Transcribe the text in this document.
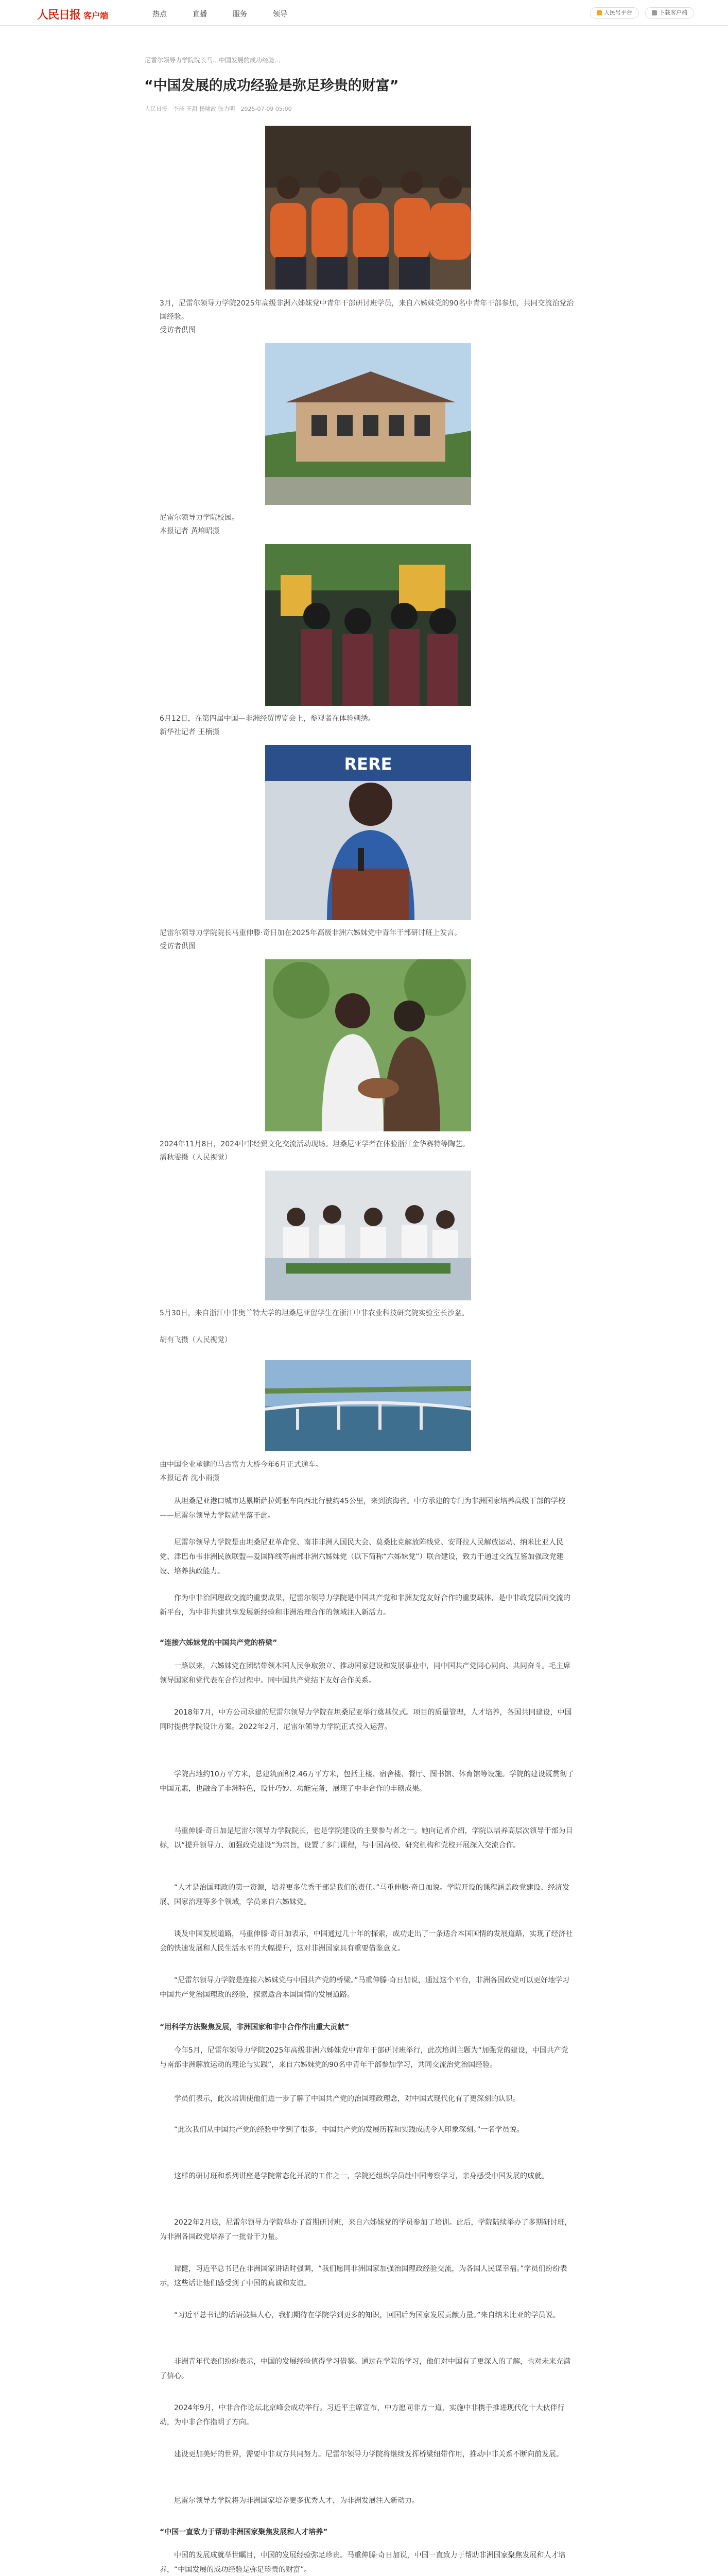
人民日报 客户端	热点	直播	服务	领导	人民号平台	下载客户端
尼雷尔领导力学院院长马…中国发展的成功经验…
“中国发展的成功经验是弥足珍贵的财富”
人民日报　李琦 王甜 杨啸政 张力明　2025-07-09 05:00
3月，尼雷尔领导力学院2025年高级非洲六姊妹党中青年干部研讨班学员，来自六姊妹党的90名中青年干部参加，共同交流治党治国经验。
受访者供图
尼雷尔领导力学院校园。
本报记者 黄培昭摄
6月12日，在第四届中国—非洲经贸博览会上，参观者在体验刺绣。
新华社记者 王楠摄
RERE
尼雷尔领导力学院院长马重伸滕·奇日加在2025年高级非洲六姊妹党中青年干部研讨班上发言。
受访者供图
2024年11月8日，2024中非经贸文化交流活动现场。坦桑尼亚学者在体验浙江金华赛特等陶艺。
潘秋雯摄（人民视觉）
5月30日，来自浙江中非奥兰特大学的坦桑尼亚留学生在浙江中非农业科技研究院实验室长沙盆。
胡有飞摄（人民视觉）
由中国企业承建的马古富力大桥今年6月正式通车。
本报记者 沈小雨摄
从坦桑尼亚港口城市达累斯萨拉姆驱车向西北行驶约45公里，来到滨海省。中方承建的专门为非洲国家培养高级干部的学校——尼雷尔领导力学院就坐落于此。
尼雷尔领导力学院是由坦桑尼亚革命党、南非非洲人国民大会、莫桑比克解放阵线党、安哥拉人民解放运动、纳米比亚人民党、津巴布韦非洲民族联盟—爱国阵线等南部非洲六姊妹党（以下简称“六姊妹党”）联合建设，致力于通过交流互鉴加强政党建设、培养执政能力。
作为中非治国理政交流的重要成果，尼雷尔领导力学院是中国共产党和非洲友党友好合作的重要载体，是中非政党层面交流的新平台，为中非共建共享发展新经验和非洲治理合作的领域注入新活力。
“连接六姊妹党的中国共产党的桥梁”
一路以来，六姊妹党在团结带领本国人民争取独立、推动国家建设和发展事业中，同中国共产党同心同向、共同奋斗。毛主席领导国家和党代表在合作过程中。同中国共产党结下友好合作关系。
2018年7月，中方公司承建的尼雷尔领导力学院在坦桑尼亚举行奠基仪式。项目的质量管理，人才培养，各国共同建设，中国同时提供学院设计方案。2022年2月，尼雷尔领导力学院正式投入运营。
学院占地约10万平方米，总建筑面积2.46万平方米，包括主楼、宿舍楼、餐厅、图书馆、体育馆等设施。学院的建设既贯彻了中国元素，也融合了非洲特色，设计巧妙、功能完备，展现了中非合作的丰硕成果。
马重伸滕·奇日加是尼雷尔领导力学院院长，也是学院建设的主要参与者之一。她向记者介绍，学院以培养高层次领导干部为目标，以“提升领导力、加强政党建设”为宗旨，设置了多门课程，与中国高校、研究机构和党校开展深入交流合作。
“人才是治国理政的第一资源，培养更多优秀干部是我们的责任。”马重伸滕·奇日加说。学院开设的课程涵盖政党建设、经济发展、国家治理等多个领域，学员来自六姊妹党。
谈及中国发展道路，马重伸滕·奇日加表示，中国通过几十年的探索，成功走出了一条适合本国国情的发展道路，实现了经济社会的快速发展和人民生活水平的大幅提升，这对非洲国家具有重要借鉴意义。
“尼雷尔领导力学院是连接六姊妹党与中国共产党的桥梁。”马重伸滕·奇日加说，通过这个平台，非洲各国政党可以更好地学习中国共产党治国理政的经验，探索适合本国国情的发展道路。
“用科学方法聚焦发展，非洲国家和非中合作作出重大贡献”
今年5月，尼雷尔领导力学院2025年高级非洲六姊妹党中青年干部研讨班举行，此次培训主题为“加强党的建设，中国共产党与南部非洲解放运动的理论与实践”，来自六姊妹党的90名中青年干部参加学习，共同交流治党治国经验。
学员们表示，此次培训使他们进一步了解了中国共产党的治国理政理念，对中国式现代化有了更深刻的认识。
“此次我们从中国共产党的经验中学到了很多，中国共产党的发展历程和实践成就令人印象深刻。”一名学员说。
这样的研讨班和系列讲座是学院常态化开展的工作之一，学院还组织学员赴中国考察学习，亲身感受中国发展的成就。
2022年2月底，尼雷尔领导力学院举办了首期研讨班，来自六姊妹党的学员参加了培训。此后，学院陆续举办了多期研讨班，为非洲各国政党培养了一批骨干力量。
谭健，习近平总书记在非洲国家讲话时强调，“我们愿同非洲国家加强治国理政经验交流，为各国人民谋幸福。”学员们纷纷表示，这些话让他们感受到了中国的真诚和友谊。
“习近平总书记的话语鼓舞人心，我们期待在学院学到更多的知识，回国后为国家发展贡献力量。”来自纳米比亚的学员说。
非洲青年代表们纷纷表示，中国的发展经验值得学习借鉴。通过在学院的学习，他们对中国有了更深入的了解，也对未来充满了信心。
2024年9月，中非合作论坛北京峰会成功举行。习近平主席宣布，中方愿同非方一道，实施中非携手推进现代化十大伙伴行动，为中非合作指明了方向。
建设更加美好的世界，需要中非双方共同努力。尼雷尔领导力学院将继续发挥桥梁纽带作用，推动中非关系不断向前发展。
尼雷尔领导力学院将为非洲国家培养更多优秀人才，为非洲发展注入新动力。
“中国一直致力于帮助非洲国家聚焦发展和人才培养”
中国的发展成就举世瞩目，中国的发展经验弥足珍贵。马重伸滕·奇日加说，中国一直致力于帮助非洲国家聚焦发展和人才培养，“中国发展的成功经验是弥足珍贵的财富”。
